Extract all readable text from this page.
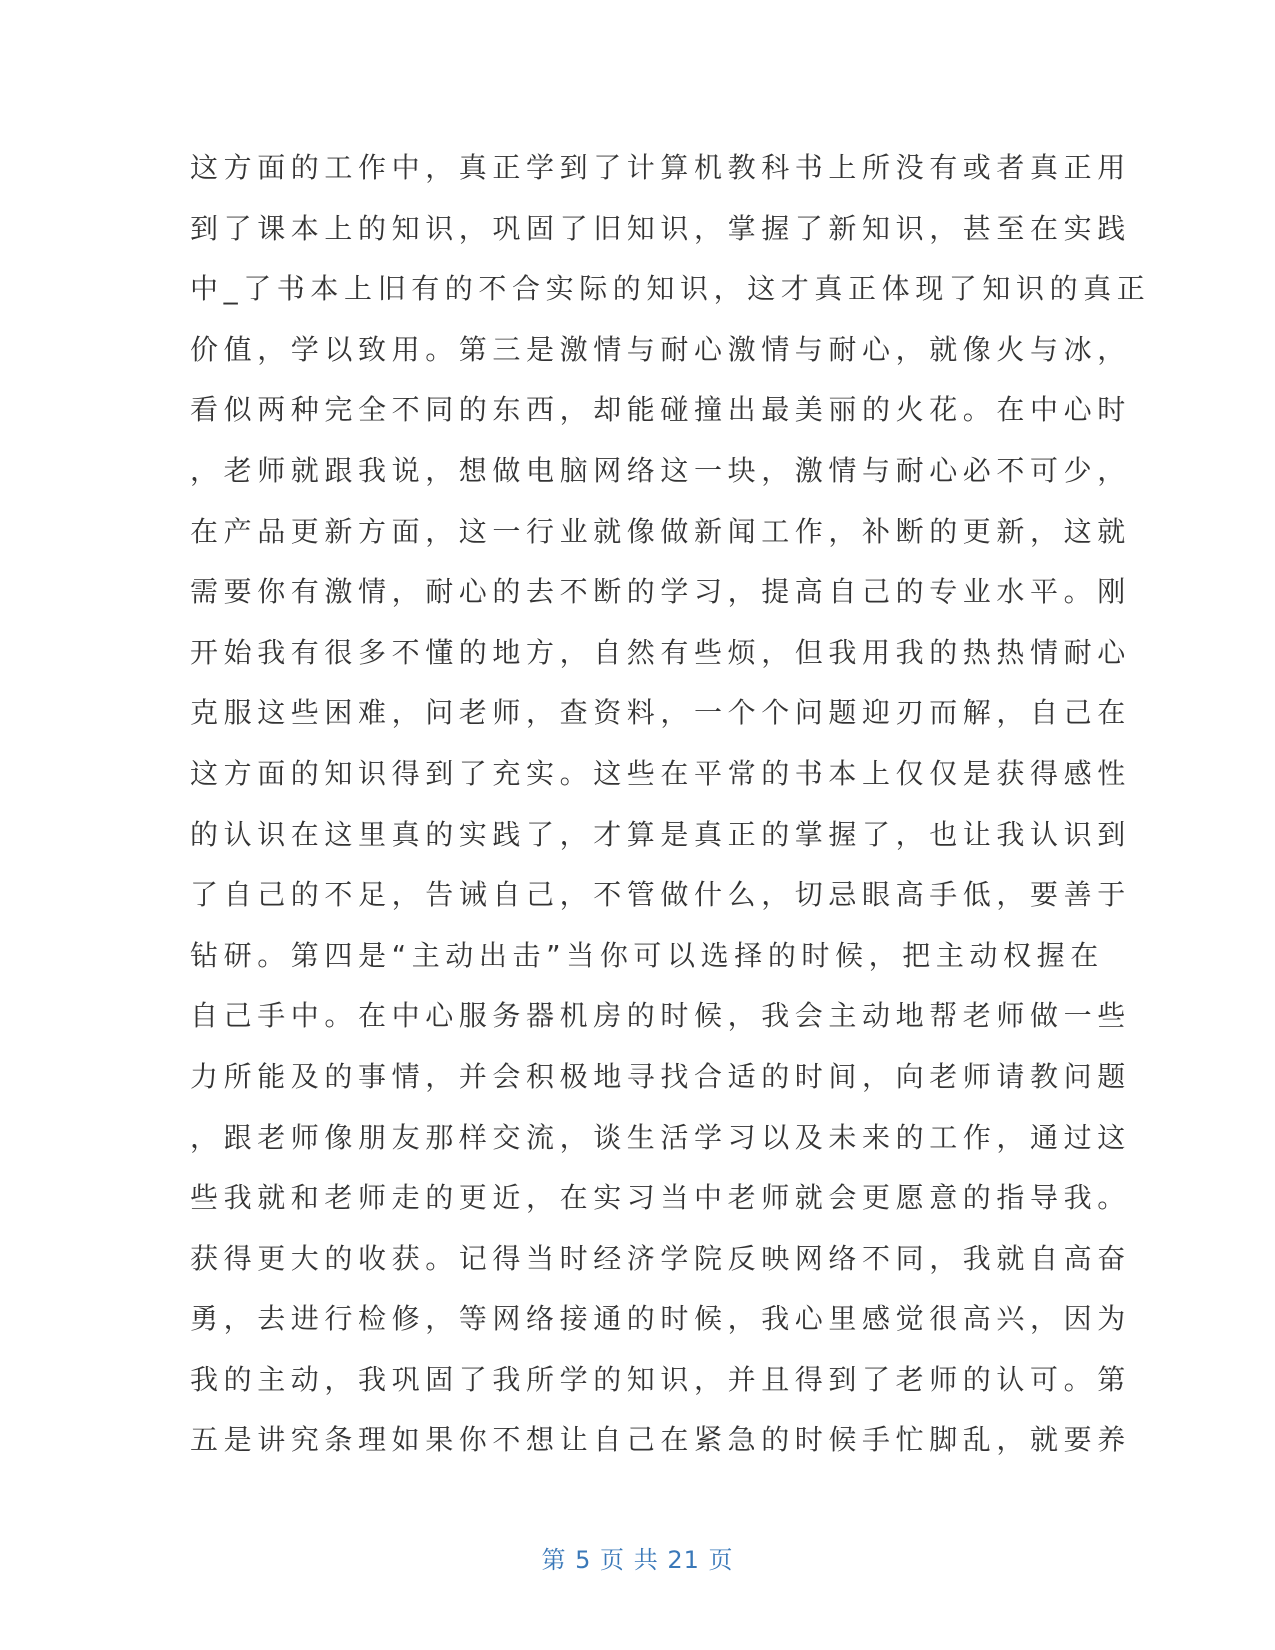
这方面的工作中，真正学到了计算机教科书上所没有或者真正用
到了课本上的知识，巩固了旧知识，掌握了新知识，甚至在实践
中_了书本上旧有的不合实际的知识，这才真正体现了知识的真正
价值，学以致用。第三是激情与耐心激情与耐心，就像火与冰，
看似两种完全不同的东西，却能碰撞出最美丽的火花。在中心时
，老师就跟我说，想做电脑网络这一块，激情与耐心必不可少，
在产品更新方面，这一行业就像做新闻工作，补断的更新，这就
需要你有激情，耐心的去不断的学习，提高自己的专业水平。刚
开始我有很多不懂的地方，自然有些烦，但我用我的热热情耐心
克服这些困难，问老师，查资料，一个个问题迎刃而解，自己在
这方面的知识得到了充实。这些在平常的书本上仅仅是获得感性
的认识在这里真的实践了，才算是真正的掌握了，也让我认识到
了自己的不足，告诫自己，不管做什么，切忌眼高手低，要善于
钻研。第四是“主动出击”当你可以选择的时候，把主动权握在
自己手中。在中心服务器机房的时候，我会主动地帮老师做一些
力所能及的事情，并会积极地寻找合适的时间，向老师请教问题
，跟老师像朋友那样交流，谈生活学习以及未来的工作，通过这
些我就和老师走的更近，在实习当中老师就会更愿意的指导我。
获得更大的收获。记得当时经济学院反映网络不同，我就自高奋
勇，去进行检修，等网络接通的时候，我心里感觉很高兴，因为
我的主动，我巩固了我所学的知识，并且得到了老师的认可。第
五是讲究条理如果你不想让自己在紧急的时候手忙脚乱，就要养
第 5 页 共 21 页
